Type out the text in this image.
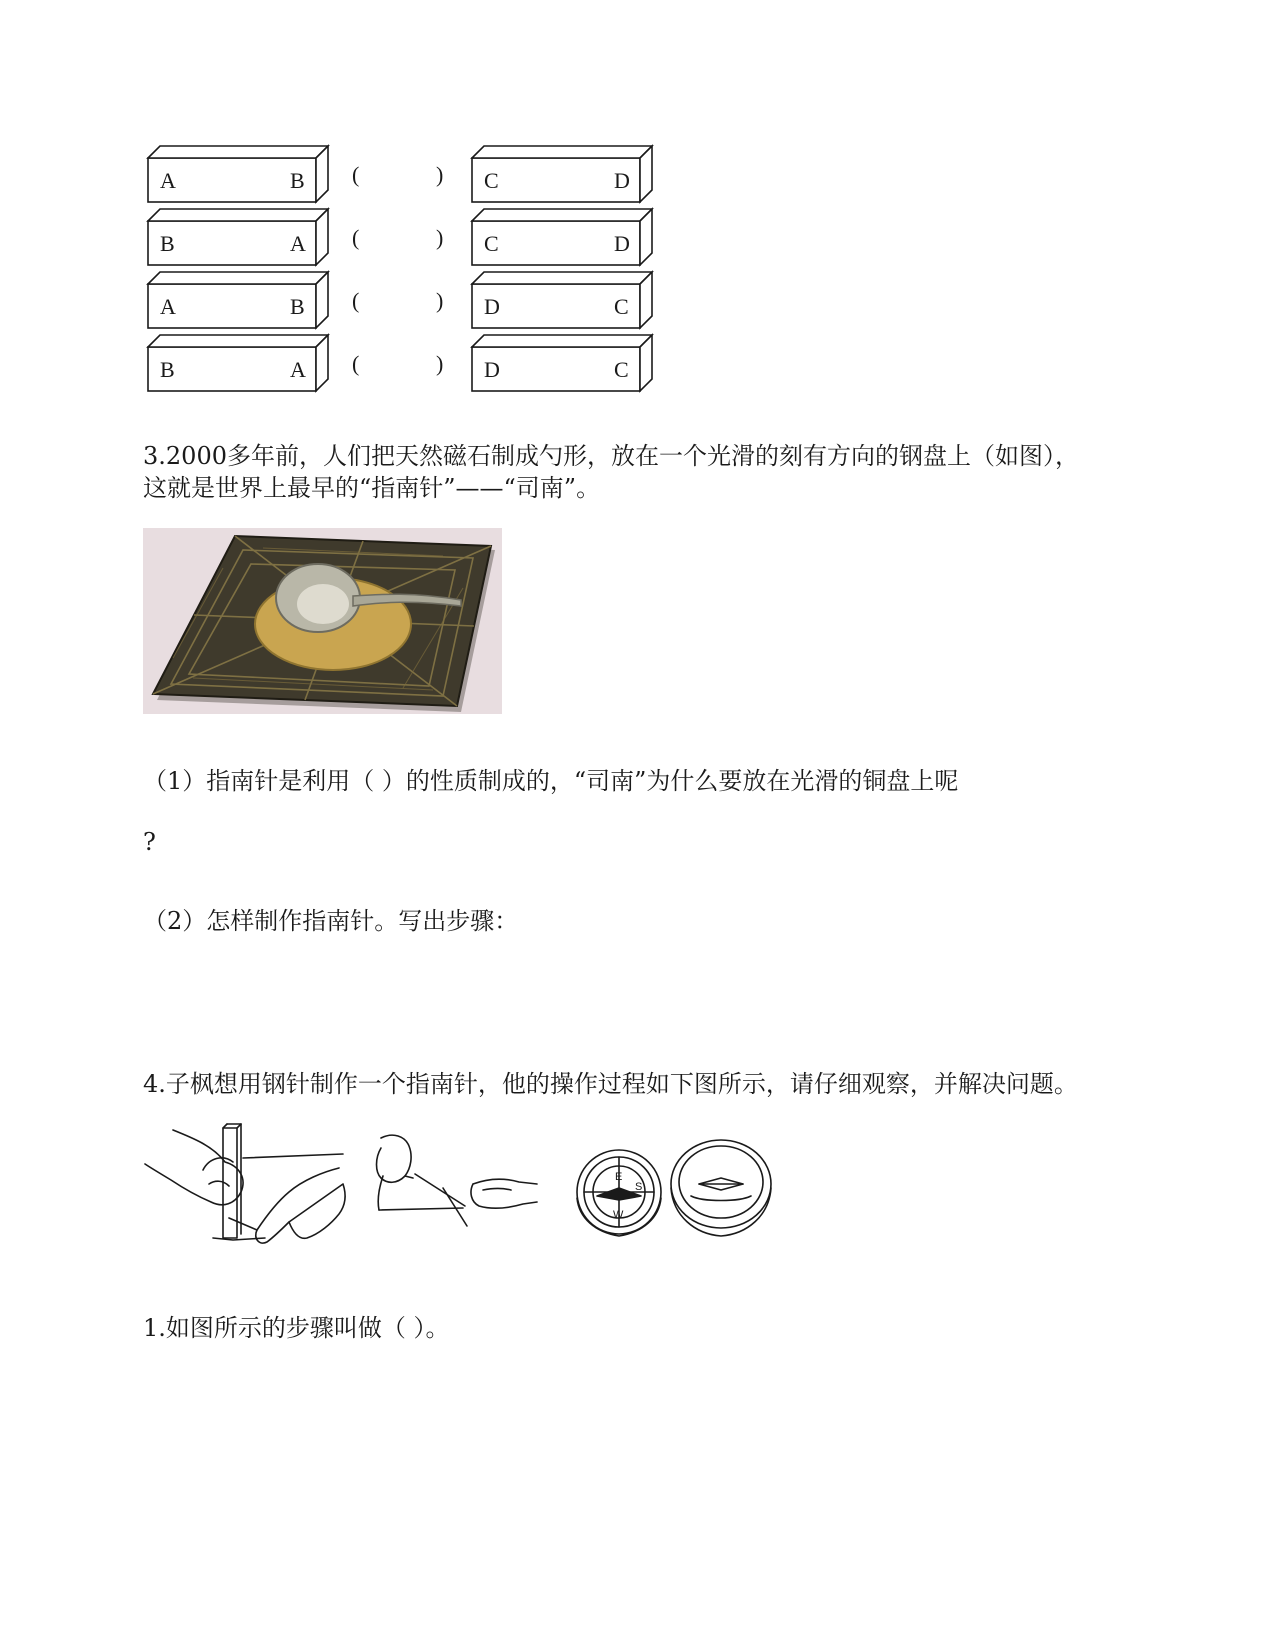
A	B (	) C	D
B	A (	) C	D
A	B (	) D	C
B	A (	) D	C
3.2000多年前，人们把天然磁石制成勺形，放在一个光滑的刻有方向的钢盘上（如图），
这就是世界上最早的“指南针”——“司南”。
（1）指南针是利用（ ）的性质制成的，“司南”为什么要放在光滑的铜盘上呢
?
（2）怎样制作指南针。写出步骤：
4.子枫想用钢针制作一个指南针，他的操作过程如下图所示，请仔细观察，并解决问题。
E
S
W
1.如图所示的步骤叫做（ ）。
